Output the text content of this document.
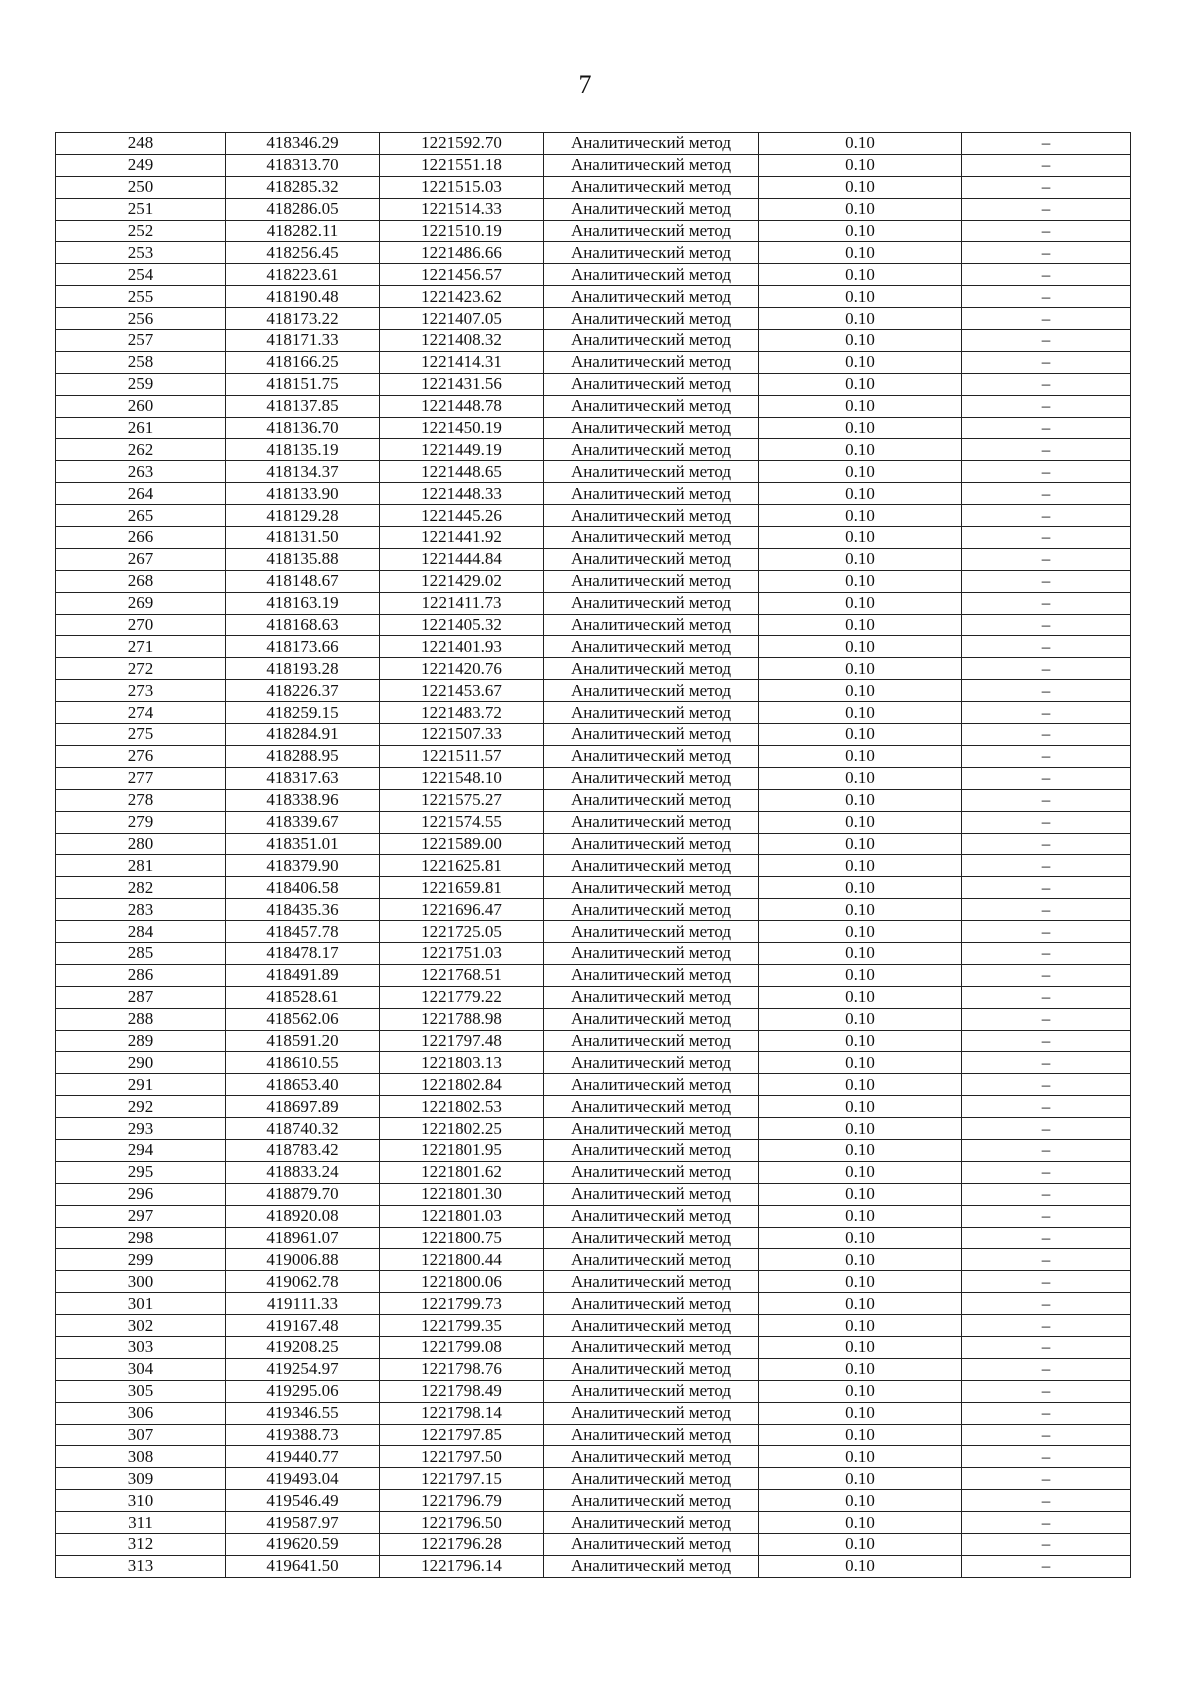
7
248	418346.29	1221592.70	Аналитический метод	0.10	–
249	418313.70	1221551.18	Аналитический метод	0.10	–
250	418285.32	1221515.03	Аналитический метод	0.10	–
251	418286.05	1221514.33	Аналитический метод	0.10	–
252	418282.11	1221510.19	Аналитический метод	0.10	–
253	418256.45	1221486.66	Аналитический метод	0.10	–
254	418223.61	1221456.57	Аналитический метод	0.10	–
255	418190.48	1221423.62	Аналитический метод	0.10	–
256	418173.22	1221407.05	Аналитический метод	0.10	–
257	418171.33	1221408.32	Аналитический метод	0.10	–
258	418166.25	1221414.31	Аналитический метод	0.10	–
259	418151.75	1221431.56	Аналитический метод	0.10	–
260	418137.85	1221448.78	Аналитический метод	0.10	–
261	418136.70	1221450.19	Аналитический метод	0.10	–
262	418135.19	1221449.19	Аналитический метод	0.10	–
263	418134.37	1221448.65	Аналитический метод	0.10	–
264	418133.90	1221448.33	Аналитический метод	0.10	–
265	418129.28	1221445.26	Аналитический метод	0.10	–
266	418131.50	1221441.92	Аналитический метод	0.10	–
267	418135.88	1221444.84	Аналитический метод	0.10	–
268	418148.67	1221429.02	Аналитический метод	0.10	–
269	418163.19	1221411.73	Аналитический метод	0.10	–
270	418168.63	1221405.32	Аналитический метод	0.10	–
271	418173.66	1221401.93	Аналитический метод	0.10	–
272	418193.28	1221420.76	Аналитический метод	0.10	–
273	418226.37	1221453.67	Аналитический метод	0.10	–
274	418259.15	1221483.72	Аналитический метод	0.10	–
275	418284.91	1221507.33	Аналитический метод	0.10	–
276	418288.95	1221511.57	Аналитический метод	0.10	–
277	418317.63	1221548.10	Аналитический метод	0.10	–
278	418338.96	1221575.27	Аналитический метод	0.10	–
279	418339.67	1221574.55	Аналитический метод	0.10	–
280	418351.01	1221589.00	Аналитический метод	0.10	–
281	418379.90	1221625.81	Аналитический метод	0.10	–
282	418406.58	1221659.81	Аналитический метод	0.10	–
283	418435.36	1221696.47	Аналитический метод	0.10	–
284	418457.78	1221725.05	Аналитический метод	0.10	–
285	418478.17	1221751.03	Аналитический метод	0.10	–
286	418491.89	1221768.51	Аналитический метод	0.10	–
287	418528.61	1221779.22	Аналитический метод	0.10	–
288	418562.06	1221788.98	Аналитический метод	0.10	–
289	418591.20	1221797.48	Аналитический метод	0.10	–
290	418610.55	1221803.13	Аналитический метод	0.10	–
291	418653.40	1221802.84	Аналитический метод	0.10	–
292	418697.89	1221802.53	Аналитический метод	0.10	–
293	418740.32	1221802.25	Аналитический метод	0.10	–
294	418783.42	1221801.95	Аналитический метод	0.10	–
295	418833.24	1221801.62	Аналитический метод	0.10	–
296	418879.70	1221801.30	Аналитический метод	0.10	–
297	418920.08	1221801.03	Аналитический метод	0.10	–
298	418961.07	1221800.75	Аналитический метод	0.10	–
299	419006.88	1221800.44	Аналитический метод	0.10	–
300	419062.78	1221800.06	Аналитический метод	0.10	–
301	419111.33	1221799.73	Аналитический метод	0.10	–
302	419167.48	1221799.35	Аналитический метод	0.10	–
303	419208.25	1221799.08	Аналитический метод	0.10	–
304	419254.97	1221798.76	Аналитический метод	0.10	–
305	419295.06	1221798.49	Аналитический метод	0.10	–
306	419346.55	1221798.14	Аналитический метод	0.10	–
307	419388.73	1221797.85	Аналитический метод	0.10	–
308	419440.77	1221797.50	Аналитический метод	0.10	–
309	419493.04	1221797.15	Аналитический метод	0.10	–
310	419546.49	1221796.79	Аналитический метод	0.10	–
311	419587.97	1221796.50	Аналитический метод	0.10	–
312	419620.59	1221796.28	Аналитический метод	0.10	–
313	419641.50	1221796.14	Аналитический метод	0.10	–
